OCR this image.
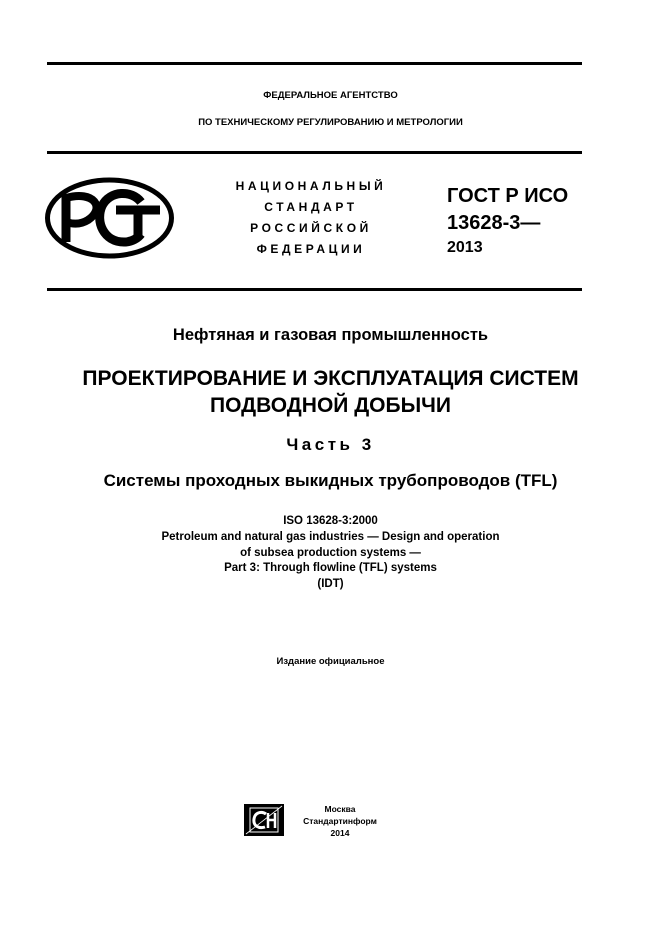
ФЕДЕРАЛЬНОЕ АГЕНТСТВО
ПО ТЕХНИЧЕСКОМУ РЕГУЛИРОВАНИЮ И МЕТРОЛОГИИ
НАЦИОНАЛЬНЫЙ
СТАНДАРТ
РОССИЙСКОЙ
ФЕДЕРАЦИИ
ГОСТ Р ИСО
13628-3—
2013
Нефтяная и газовая промышленность
ПРОЕКТИРОВАНИЕ И ЭКСПЛУАТАЦИЯ СИСТЕМ
ПОДВОДНОЙ ДОБЫЧИ
Часть 3
Системы проходных выкидных трубопроводов (TFL)
ISO 13628-3:2000
Petroleum and natural gas industries — Design and operation
of subsea production systems —
Part 3: Through flowline (TFL) systems
(IDT)
Издание официальное
Москва
Стандартинформ
2014
